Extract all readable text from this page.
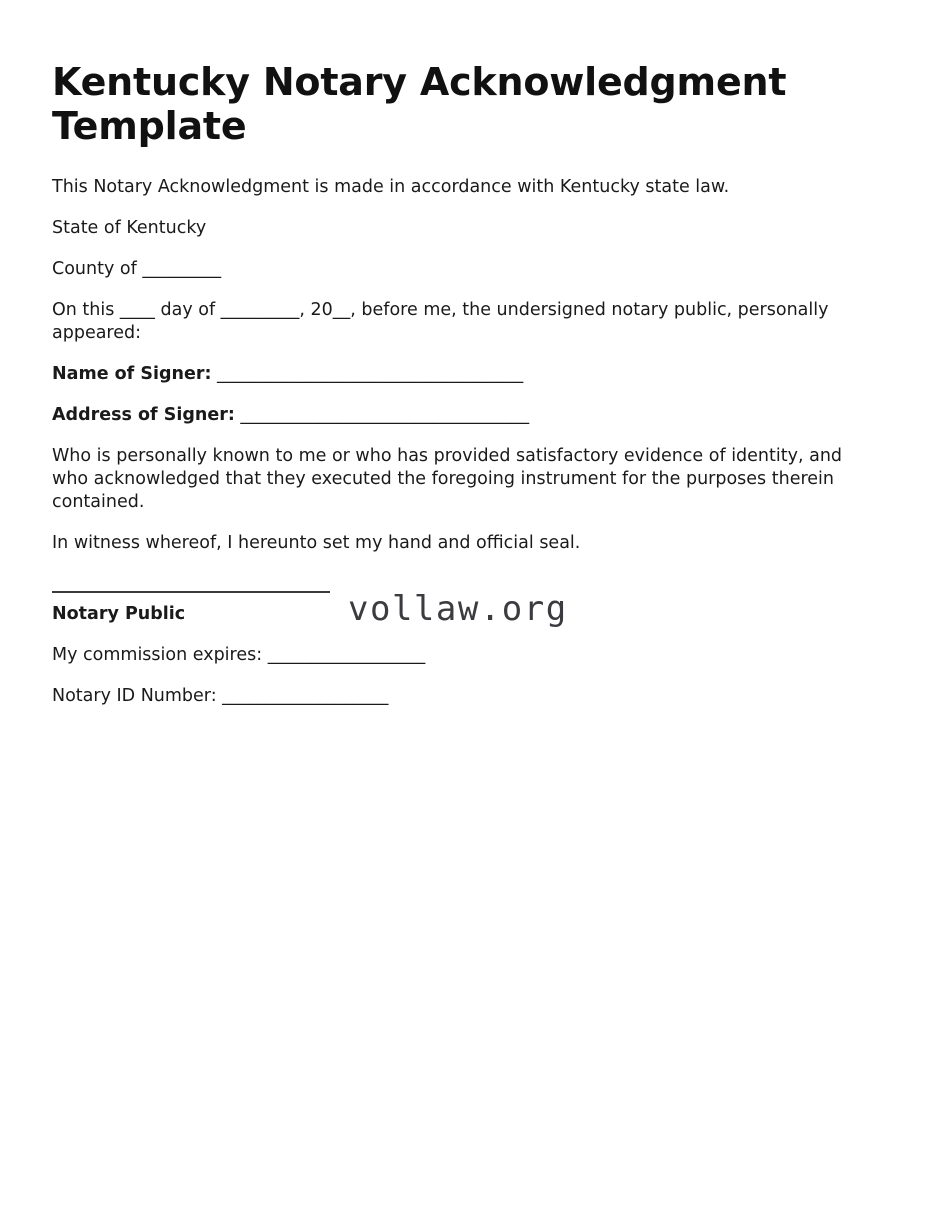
Kentucky Notary Acknowledgment Template

This Notary Acknowledgment is made in accordance with Kentucky state law.

State of Kentucky

County of _________

On this ____ day of _________, 20__, before me, the undersigned notary public, personally appeared:

Name of Signer: ___________________________________

Address of Signer: _________________________________

Who is personally known to me or who has provided satisfactory evidence of identity, and who acknowledged that they executed the foregoing instrument for the purposes therein contained.

In witness whereof, I hereunto set my hand and official seal.

Notary Public

My commission expires: __________________

Notary ID Number: ___________________

vollaw.org
